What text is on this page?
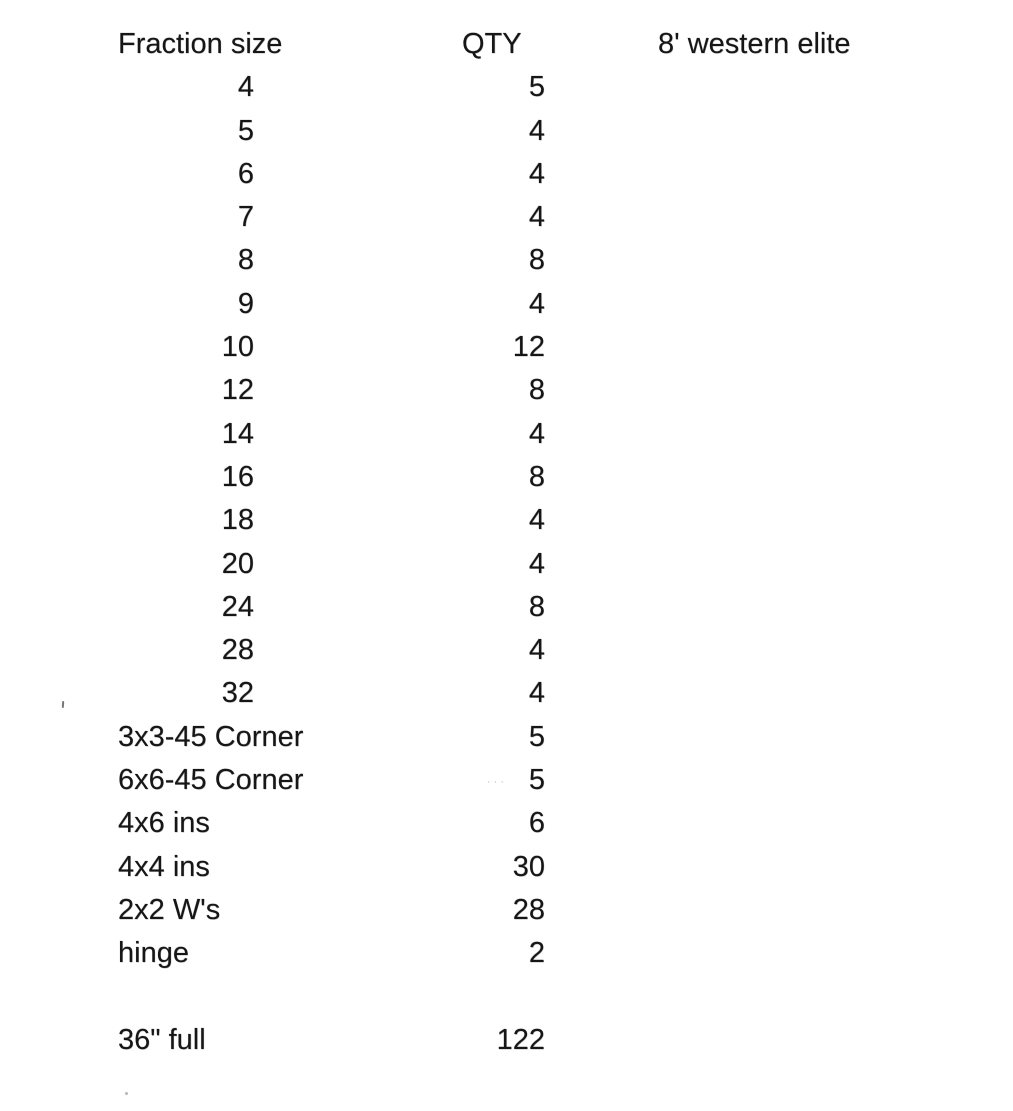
Fraction size	QTY	8' western elite
4	5
5	4
6	4
7	4
8	8
9	4
10	12
12	8
14	4
16	8
18	4
20	4
24	8
28	4
32	4
3x3-45 Corner	5
6x6-45 Corner	5
4x6 ins	6
4x4 ins	30
2x2 W's	28
hinge	2
36" full	122
···
